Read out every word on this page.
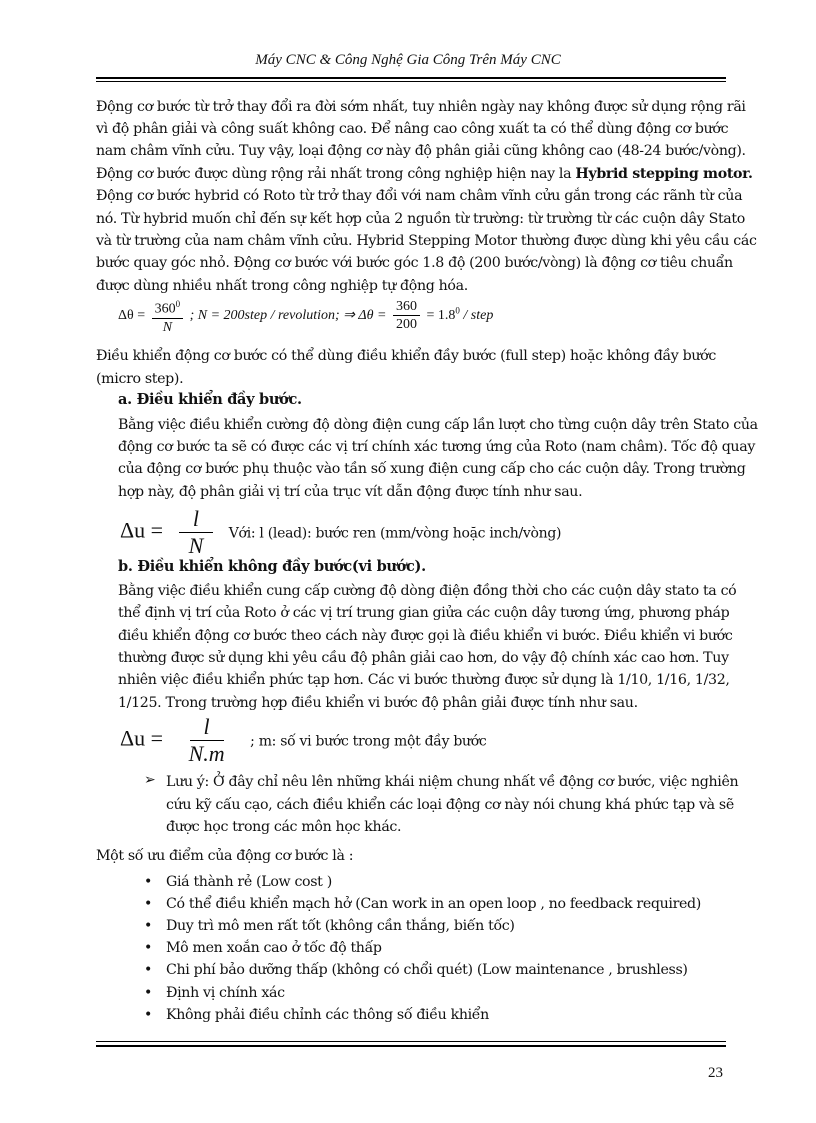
Máy CNC & Công Nghệ Gia Công Trên Máy CNC
Động cơ bước từ trở thay đổi ra đời sớm nhất, tuy nhiên ngày nay không được sử dụng rộng rãi
vì độ phân giải và công suất không cao. Để nâng cao công xuất ta có thể dùng động cơ bước
nam châm vĩnh cửu. Tuy vậy, loại động cơ này độ phân giải cũng không cao (48-24 bước/vòng).
Động cơ bước được dùng rộng rải nhất trong công nghiệp hiện nay la Hybrid stepping motor.
Động cơ bước hybrid có Roto từ trở thay đổi với nam châm vĩnh cửu gắn trong các rãnh từ của
nó. Từ hybrid muốn chỉ đến sự kết hợp của 2 nguồn từ trường: từ trường từ các cuộn dây Stato
và từ trường của nam châm vĩnh cửu. Hybrid Stepping Motor thường được dùng khi yêu cầu các
bước quay góc nhỏ. Động cơ bước với bước góc 1.8 độ (200 bước/vòng) là động cơ tiêu chuẩn
được dùng nhiều nhất trong công nghiệp tự động hóa.
$\Delta\theta = \frac{360^0}{N}$ ; N = 200step / revolution; ⇒ $\Delta\theta = \frac{360}{200} = 1.8^0$ / step
Điều khiển động cơ bước có thể dùng điều khiển đầy bước (full step) hoặc không đầy bước
(micro step).
a. Điều khiển đầy bước.
Bằng việc điều khiển cường độ dòng điện cung cấp lần lượt cho từng cuộn dây trên Stato của
động cơ bước ta sẽ có được các vị trí chính xác tương ứng của Roto (nam châm). Tốc độ quay
của động cơ bước phụ thuộc vào tần số xung điện cung cấp cho các cuộn dây. Trong trường
hợp này, độ phân giải vị trí của trục vít dẫn động được tính như sau.
$\Delta u = \frac{l}{N}$ Với: l (lead): bước ren (mm/vòng hoặc inch/vòng)
b. Điều khiển không đầy bước(vi bước).
Bằng việc điều khiển cung cấp cường độ dòng điện đồng thời cho các cuộn dây stato ta có
thể định vị trí của Roto ở các vị trí trung gian giửa các cuộn dây tương ứng, phương pháp
điều khiển động cơ bước theo cách này được gọi là điều khiển vi bước. Điều khiển vi bước
thường được sử dụng khi yêu cầu độ phân giải cao hơn, do vậy độ chính xác cao hơn. Tuy
nhiên việc điều khiển phức tạp hơn. Các vi bước thường được sử dụng là 1/10, 1/16, 1/32,
1/125. Trong trường hợp điều khiển vi bước độ phân giải được tính như sau.
$\Delta u = \frac{l}{N.m}$ ; m: số vi bước trong một đầy bước
➢ Lưu ý: Ở đây chỉ nêu lên những khái niệm chung nhất về động cơ bước, việc nghiên
cứu kỹ cấu cạo, cách điều khiển các loại động cơ này nói chung khá phức tạp và sẽ
được học trong các môn học khác.
Một số ưu điểm của động cơ bước là :
• Giá thành rẻ (Low cost )
• Có thể điều khiển mạch hở (Can work in an open loop , no feedback required)
• Duy trì mô men rất tốt (không cần thắng, biến tốc)
• Mô men xoắn cao ở tốc độ thấp
• Chi phí bảo dưỡng thấp (không có chổi quét) (Low maintenance , brushless)
• Định vị chính xác
• Không phải điều chỉnh các thông số điều khiển
23
